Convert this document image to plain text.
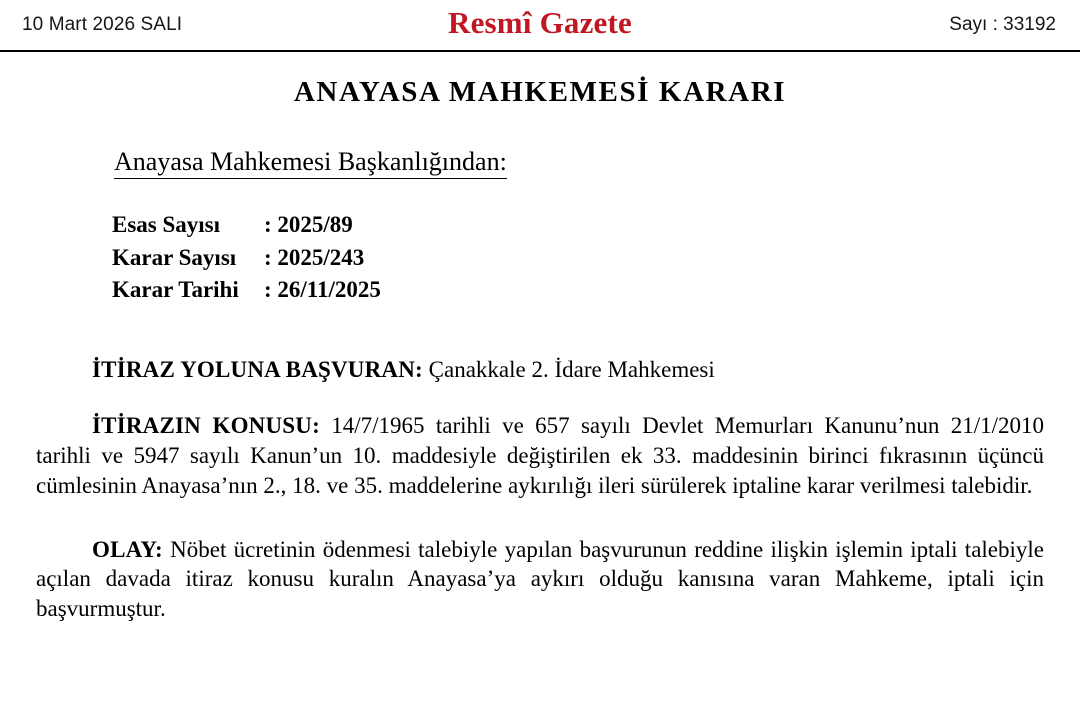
10 Mart 2026 SALI	Resmî Gazete	Sayı : 33192
ANAYASA MAHKEMESİ KARARI
Anayasa Mahkemesi Başkanlığından:
Esas Sayısı : 2025/89
Karar Sayısı : 2025/243
Karar Tarihi : 26/11/2025

İTİRAZ YOLUNA BAŞVURAN: Çanakkale 2. İdare Mahkemesi

İTİRAZIN KONUSU: 14/7/1965 tarihli ve 657 sayılı Devlet Memurları Kanunu’nun 21/1/2010 tarihli ve 5947 sayılı Kanun’un 10. maddesiyle değiştirilen ek 33. maddesinin birinci fıkrasının üçüncü cümlesinin Anayasa’nın 2., 18. ve 35. maddelerine aykırılığı ileri sürülerek iptaline karar verilmesi talebidir.

OLAY: Nöbet ücretinin ödenmesi talebiyle yapılan başvurunun reddine ilişkin işlemin iptali talebiyle açılan davada itiraz konusu kuralın Anayasa’ya aykırı olduğu kanısına varan Mahkeme, iptali için başvurmuştur.
